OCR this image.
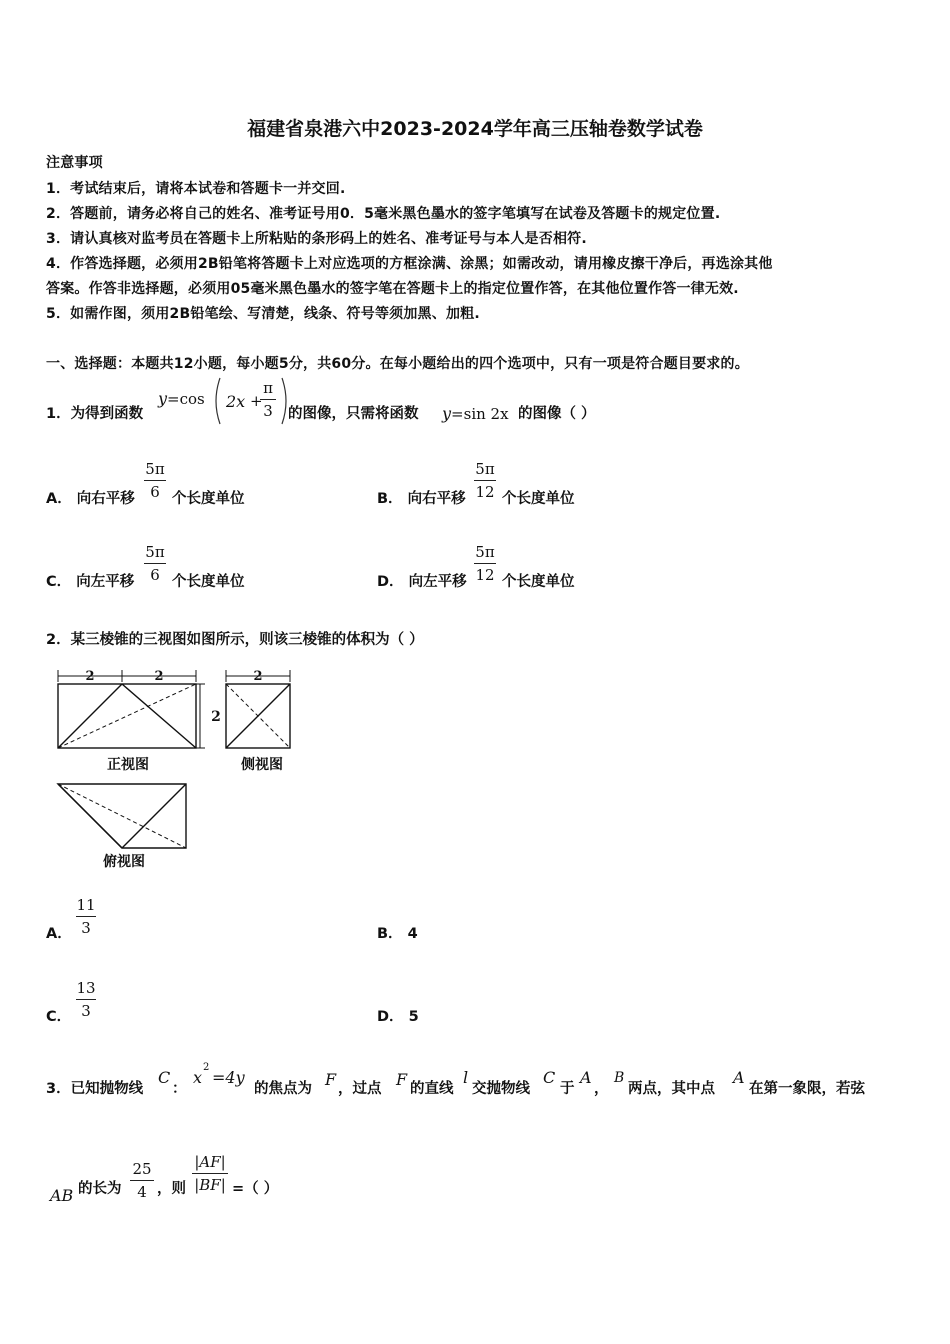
福建省泉港六中2023-2024学年高三压轴卷数学试卷
注意事项
1．考试结束后，请将本试卷和答题卡一并交回.
2．答题前，请务必将自己的姓名、准考证号用0．5毫米黑色墨水的签字笔填写在试卷及答题卡的规定位置.
3．请认真核对监考员在答题卡上所粘贴的条形码上的姓名、准考证号与本人是否相符.
4．作答选择题，必须用2B铅笔将答题卡上对应选项的方框涂满、涂黑；如需改动，请用橡皮擦干净后，再选涂其他
答案。作答非选择题，必须用05毫米黑色墨水的签字笔在答题卡上的指定位置作答，在其他位置作答一律无效.
5．如需作图，须用2B铅笔绘、写清楚，线条、符号等须加黑、加粗.
一、选择题：本题共12小题，每小题5分，共60分。在每小题给出的四个选项中，只有一项是符合题目要求的。
1．为得到函数
y=cos 2x +
π
3 的图像，只需将函数 y=sin 2x 的图像（ ）
A． 向右平移
5π
6 个长度单位	B． 向右平移
5π
12 个长度单位
C． 向左平移
5π
6 个长度单位	D． 向左平移
5π
12 个长度单位
2．某三棱锥的三视图如图所示，则该三棱锥的体积为（ ）
2	2
2
2
正视图	侧视图
俯视图
A．
11
3	B． 4
C．
13
3	D． 5
3．已知抛物线
C
：
x
2
=4y
的焦点为 F ，过点 F 的直线
l
交抛物线
C
于
A
，
B
两点，其中点
A
在第一象限，若弦
AB 的长为
25
4 ，则
|AF|
|BF| =（ ）
